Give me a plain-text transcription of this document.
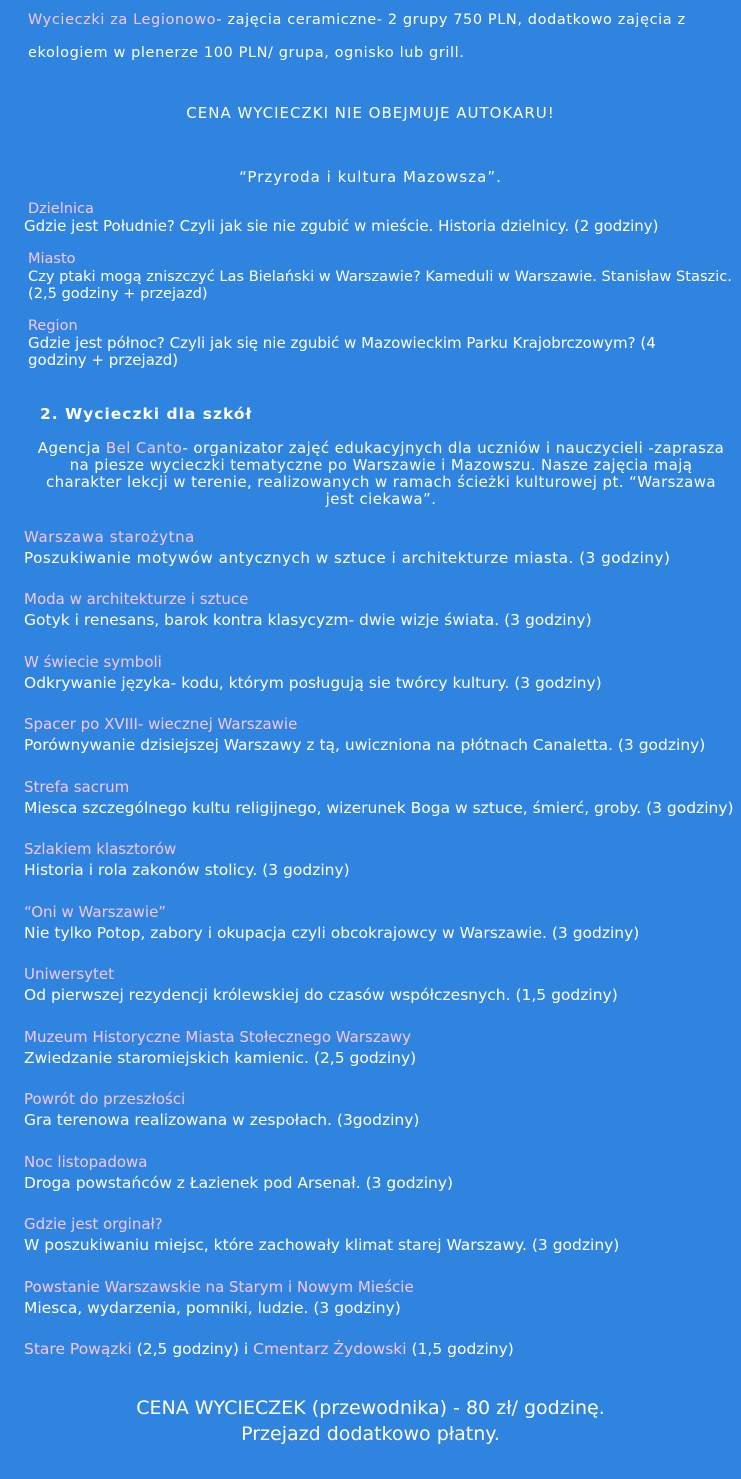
Wycieczki za Legionowo- zajęcia ceramiczne- 2 grupy 750 PLN, dodatkowo zajęcia z ekologiem w plenerze 100 PLN/ grupa, ognisko lub grill.

CENA WYCIECZKI NIE OBEJMUJE AUTOKARU!

“Przyroda i kultura Mazowsza”.

Dzielnica
Gdzie jest Południe? Czyli jak sie nie zgubić w mieście. Historia dzielnicy. (2 godziny)
Miasto
Czy ptaki mogą zniszczyć Las Bielański w Warszawie? Kameduli w Warszawie. Stanisław Staszic. (2,5 godziny + przejazd)
Region
Gdzie jest północ? Czyli jak się nie zgubić w Mazowieckim Parku Krajobrczowym? (4 godziny + przejazd)

2. Wycieczki dla szkół

Agencja Bel Canto- organizator zajęć edukacyjnych dla uczniów i nauczycieli -zaprasza na piesze wycieczki tematyczne po Warszawie i Mazowszu. Nasze zajęcia mają charakter lekcji w terenie, realizowanych w ramach ścieżki kulturowej pt. “Warszawa jest ciekawa”.

Warszawa starożytna
Poszukiwanie motywów antycznych w sztuce i architekturze miasta. (3 godziny)
Moda w architekturze i sztuce
Gotyk i renesans, barok kontra klasycyzm- dwie wizje świata. (3 godziny)
W świecie symboli
Odkrywanie języka- kodu, którym posługują sie twórcy kultury. (3 godziny)
Spacer po XVIII- wiecznej Warszawie
Porównywanie dzisiejszej Warszawy z tą, uwiczniona na płótnach Canaletta. (3 godziny)
Strefa sacrum
Miesca szczególnego kultu religijnego, wizerunek Boga w sztuce, śmierć, groby. (3 godziny)
Szlakiem klasztorów
Historia i rola zakonów stolicy. (3 godziny)
“Oni w Warszawie”
Nie tylko Potop, zabory i okupacja czyli obcokrajowcy w Warszawie. (3 godziny)
Uniwersytet
Od pierwszej rezydencji królewskiej do czasów współczesnych. (1,5 godziny)
Muzeum Historyczne Miasta Stołecznego Warszawy
Zwiedzanie staromiejskich kamienic. (2,5 godziny)
Powrót do przeszłości
Gra terenowa realizowana w zespołach. (3godziny)
Noc listopadowa
Droga powstańców z Łazienek pod Arsenał. (3 godziny)
Gdzie jest orginał?
W poszukiwaniu miejsc, które zachowały klimat starej Warszawy. (3 godziny)
Powstanie Warszawskie na Starym i Nowym Mieście
Miesca, wydarzenia, pomniki, ludzie. (3 godziny)

Stare Powązki (2,5 godziny) i Cmentarz Żydowski (1,5 godziny)

CENA WYCIECZEK (przewodnika) - 80 zł/ godzinę.
Przejazd dodatkowo płatny.
